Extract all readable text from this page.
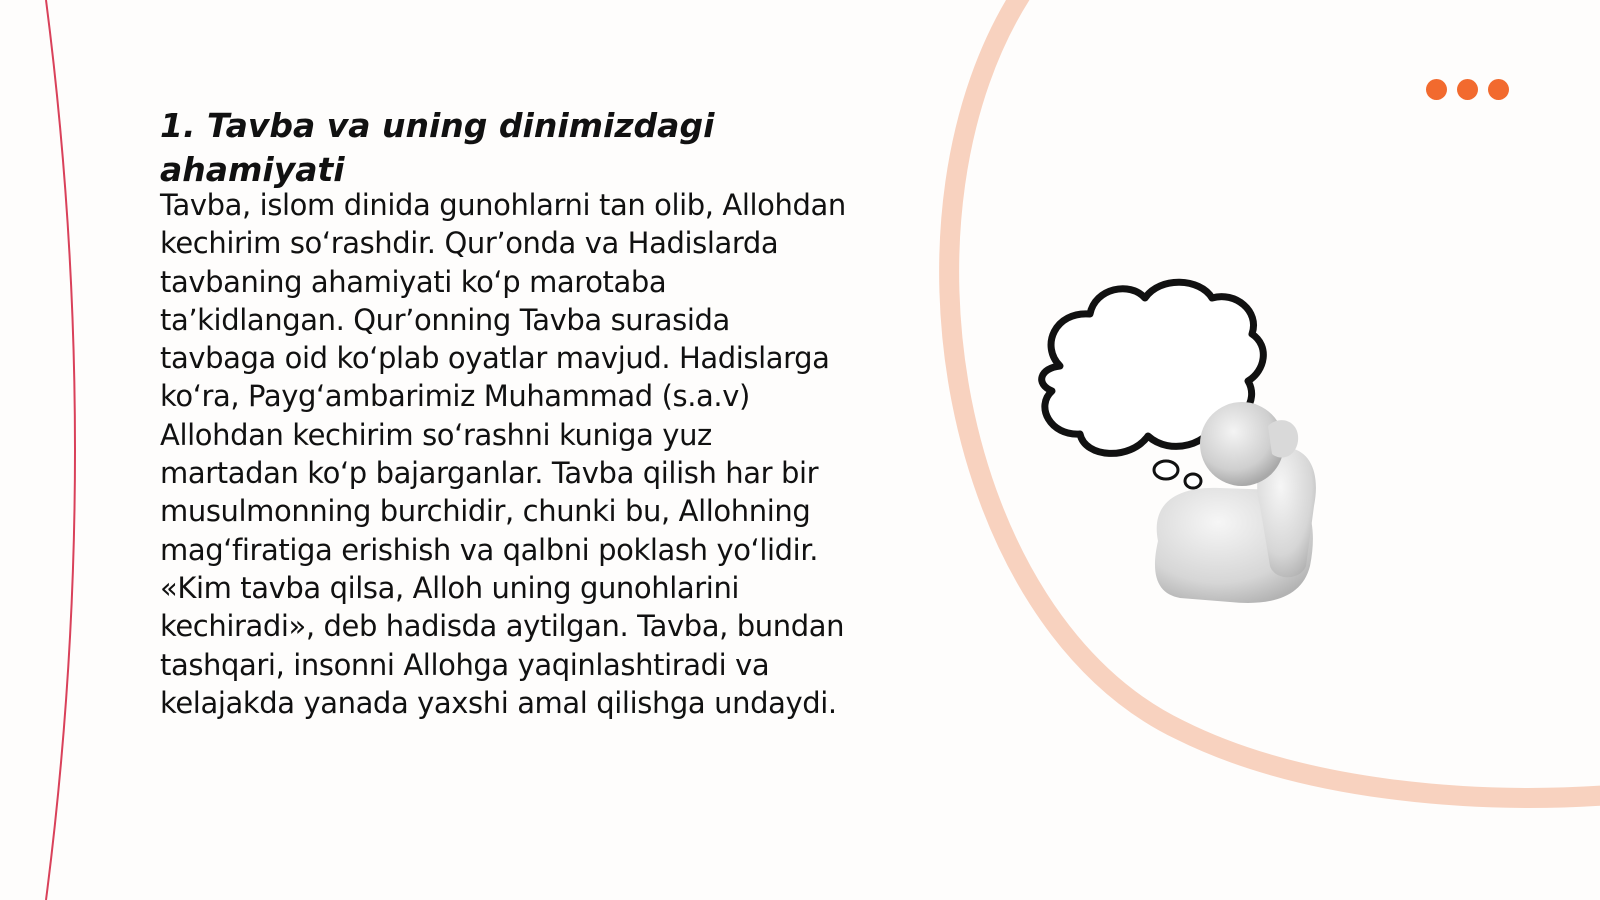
1. Tavba va uning dinimizdagi ahamiyati

Tavba, islom dinida gunohlarni tan olib, Allohdan kechirim soʻrashdir. Qurʼonda va Hadislarda tavbaning ahamiyati koʻp marotaba taʼkidlangan. Qurʼonning Tavba surasida tavbaga oid koʻplab oyatlar mavjud. Hadislarga koʻra, Paygʻambarimiz Muhammad (s.a.v) Allohdan kechirim soʻrashni kuniga yuz martadan koʻp bajarganlar. Tavba qilish har bir musulmonning burchidir, chunki bu, Allohning magʻfiratiga erishish va qalbni poklash yoʻlidir. «Kim tavba qilsa, Alloh uning gunohlarini kechiradi», deb hadisda aytilgan. Tavba, bundan tashqari, insonni Allohga yaqinlashtiradi va kelajakda yanada yaxshi amal qilishga undaydi.
